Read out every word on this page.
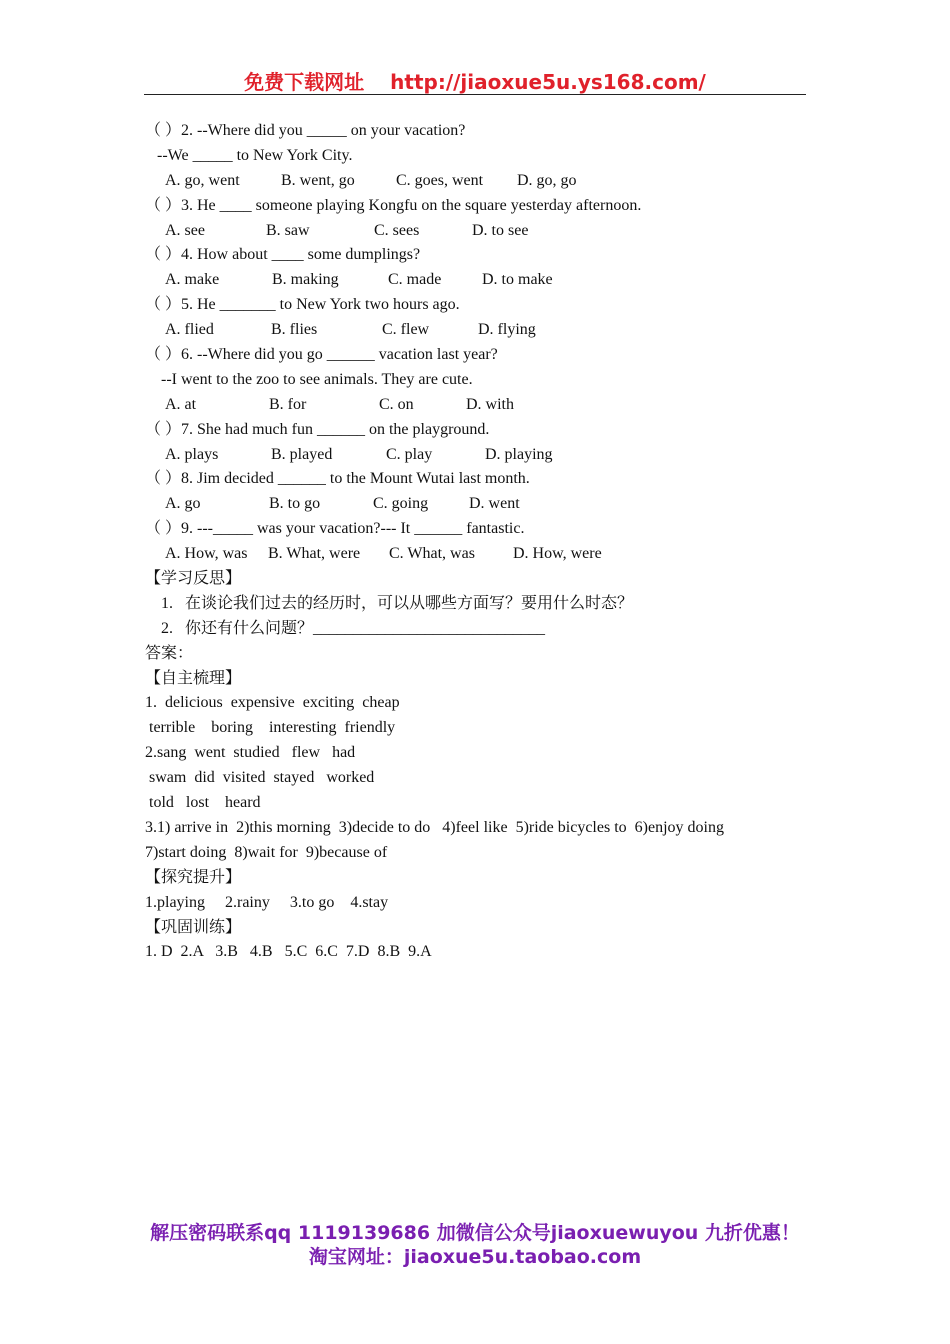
免费下载网址 http://jiaoxue5u.ys168.com/
（ ）2. --Where did you _____ on your vacation?
--We _____ to New York City.
A. go, went	B. went, go	C. goes, went D. go, go
（ ）3. He ____ someone playing Kongfu on the square yesterday afternoon.
A. see	B. saw	C. sees	D. to see
（ ）4. How about ____ some dumplings?
A. make	B. making	C. made	D. to make
（ ）5. He _______ to New York two hours ago.
A. flied	B. flies	C. flew	D. flying
（ ）6. --Where did you go ______ vacation last year?
--I went to the zoo to see animals. They are cute.
A. at	B. for	C. on	D. with
（ ）7. She had much fun ______ on the playground.
A. plays	B. played	C. play	D. playing
（ ）8. Jim decided ______ to the Mount Wutai last month.
A. go	B. to go	C. going	D. went
（ ）9. ---_____ was your vacation?--- It ______ fantastic.
A. How, was B. What, were C. What, was D. How, were
【学习反思】
1.   在谈论我们过去的经历时，可以从哪些方面写？要用什么时态？
2.   你还有什么问题？_____________________________
答案：
【自主梳理】
1.  delicious  expensive  exciting  cheap
terrible    boring    interesting  friendly
2.sang  went  studied   flew   had
swam  did  visited  stayed   worked
told   lost    heard
3.1) arrive in  2)this morning  3)decide to do   4)feel like  5)ride bicycles to  6)enjoy doing
7)start doing  8)wait for  9)because of
【探究提升】
1.playing     2.rainy     3.to go    4.stay
【巩固训练】
1. D  2.A   3.B   4.B   5.C  6.C  7.D  8.B  9.A
解压密码联系qq 1119139686 加微信公众号jiaoxuewuyou 九折优惠！
淘宝网址：jiaoxue5u.taobao.com
